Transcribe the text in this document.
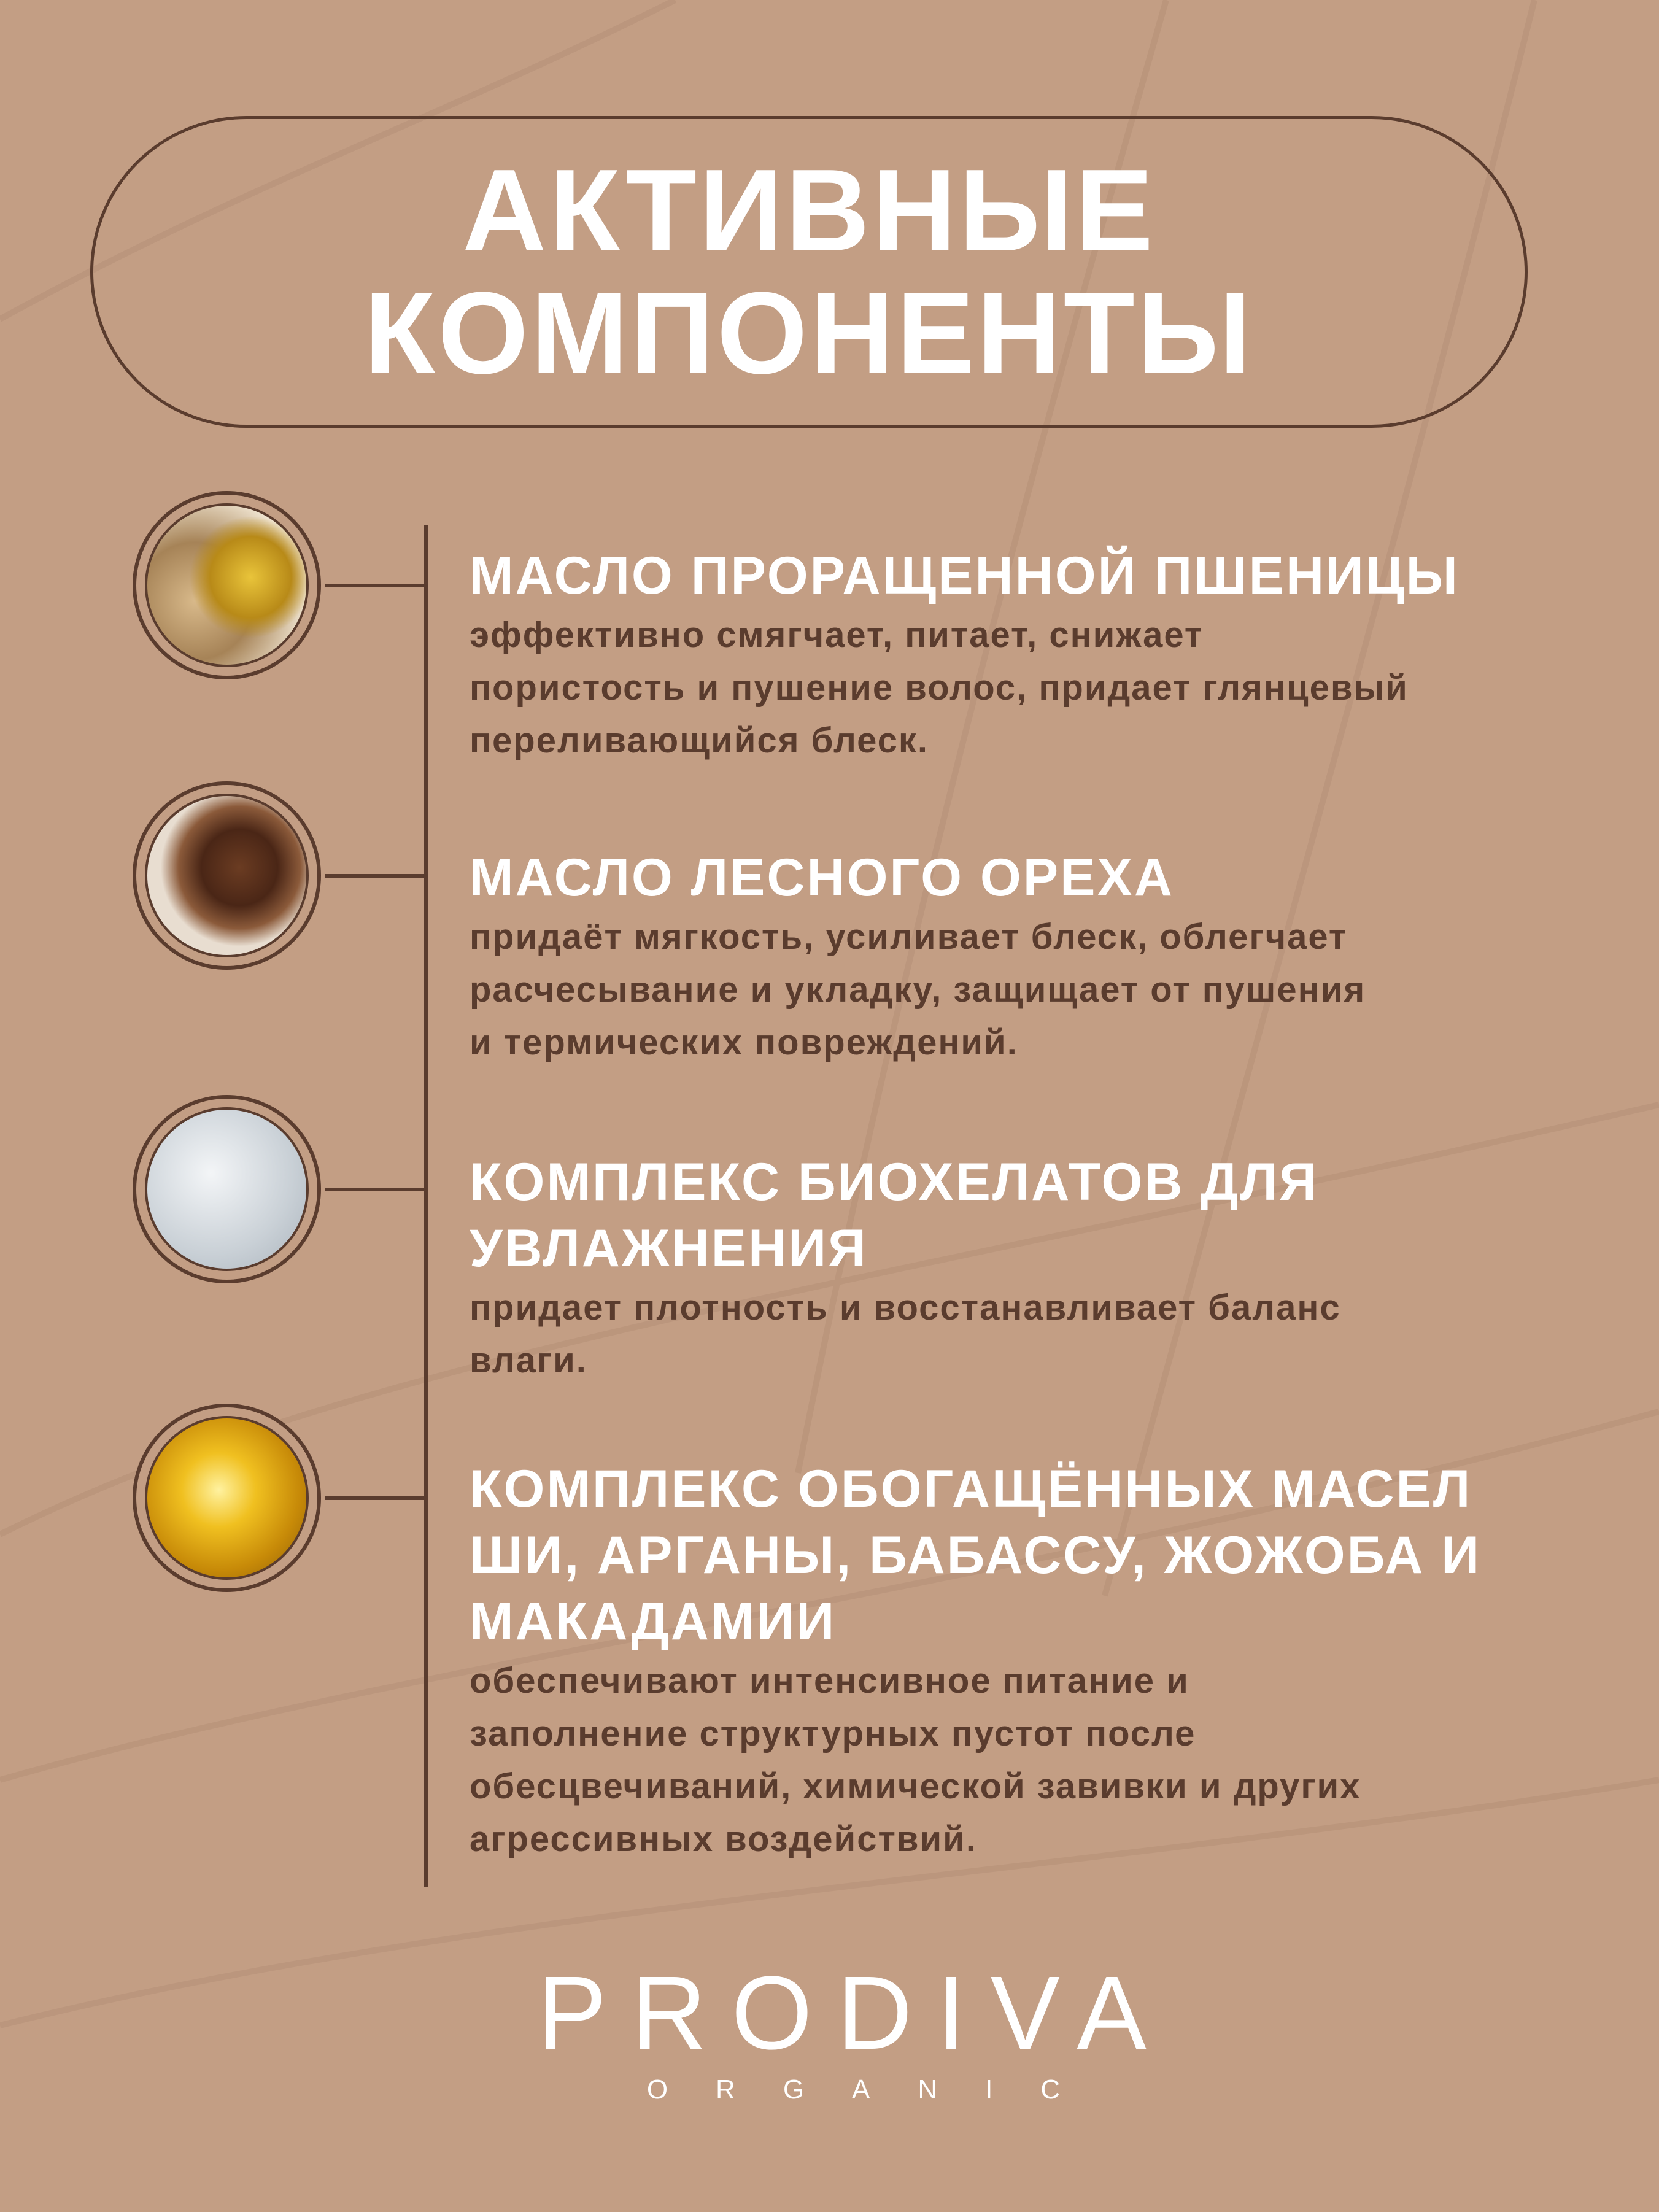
АКТИВНЫЕ
КОМПОНЕНТЫ
МАСЛО ПРОРАЩЕННОЙ ПШЕНИЦЫ
эффективно смягчает, питает, снижает
пористость и пушение волос, придает глянцевый
переливающийся блеск.
МАСЛО ЛЕСНОГО ОРЕХА
придаёт мягкость, усиливает блеск, облегчает
расчесывание и укладку, защищает от пушения
и термических повреждений.
КОМПЛЕКС БИОХЕЛАТОВ ДЛЯ
УВЛАЖНЕНИЯ
придает плотность и восстанавливает баланс
влаги.
КОМПЛЕКС ОБОГАЩЁННЫХ МАСЕЛ
ШИ, АРГАНЫ, БАБАССУ, ЖОЖОБА И
МАКАДАМИИ
обеспечивают интенсивное питание и
заполнение структурных пустот после
обесцвечиваний, химической завивки и других
агрессивных воздействий.
PRODIVA
ORGANIC
